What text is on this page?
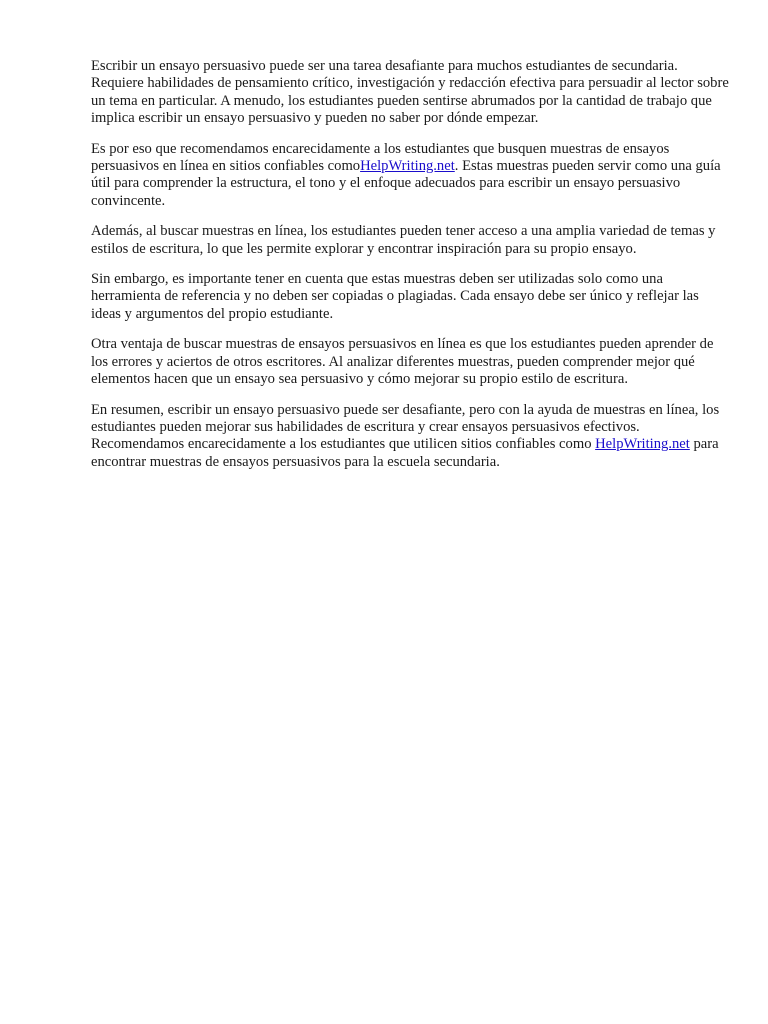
Escribir un ensayo persuasivo puede ser una tarea desafiante para muchos estudiantes de secundaria. Requiere habilidades de pensamiento crítico, investigación y redacción efectiva para persuadir al lector sobre un tema en particular. A menudo, los estudiantes pueden sentirse abrumados por la cantidad de trabajo que implica escribir un ensayo persuasivo y pueden no saber por dónde empezar.

Es por eso que recomendamos encarecidamente a los estudiantes que busquen muestras de ensayos persuasivos en línea en sitios confiables comoHelpWriting.net. Estas muestras pueden servir como una guía útil para comprender la estructura, el tono y el enfoque adecuados para escribir un ensayo persuasivo convincente.

Además, al buscar muestras en línea, los estudiantes pueden tener acceso a una amplia variedad de temas y estilos de escritura, lo que les permite explorar y encontrar inspiración para su propio ensayo.

Sin embargo, es importante tener en cuenta que estas muestras deben ser utilizadas solo como una herramienta de referencia y no deben ser copiadas o plagiadas. Cada ensayo debe ser único y reflejar las ideas y argumentos del propio estudiante.

Otra ventaja de buscar muestras de ensayos persuasivos en línea es que los estudiantes pueden aprender de los errores y aciertos de otros escritores. Al analizar diferentes muestras, pueden comprender mejor qué elementos hacen que un ensayo sea persuasivo y cómo mejorar su propio estilo de escritura.

En resumen, escribir un ensayo persuasivo puede ser desafiante, pero con la ayuda de muestras en línea, los estudiantes pueden mejorar sus habilidades de escritura y crear ensayos persuasivos efectivos. Recomendamos encarecidamente a los estudiantes que utilicen sitios confiables como HelpWriting.net para encontrar muestras de ensayos persuasivos para la escuela secundaria.
